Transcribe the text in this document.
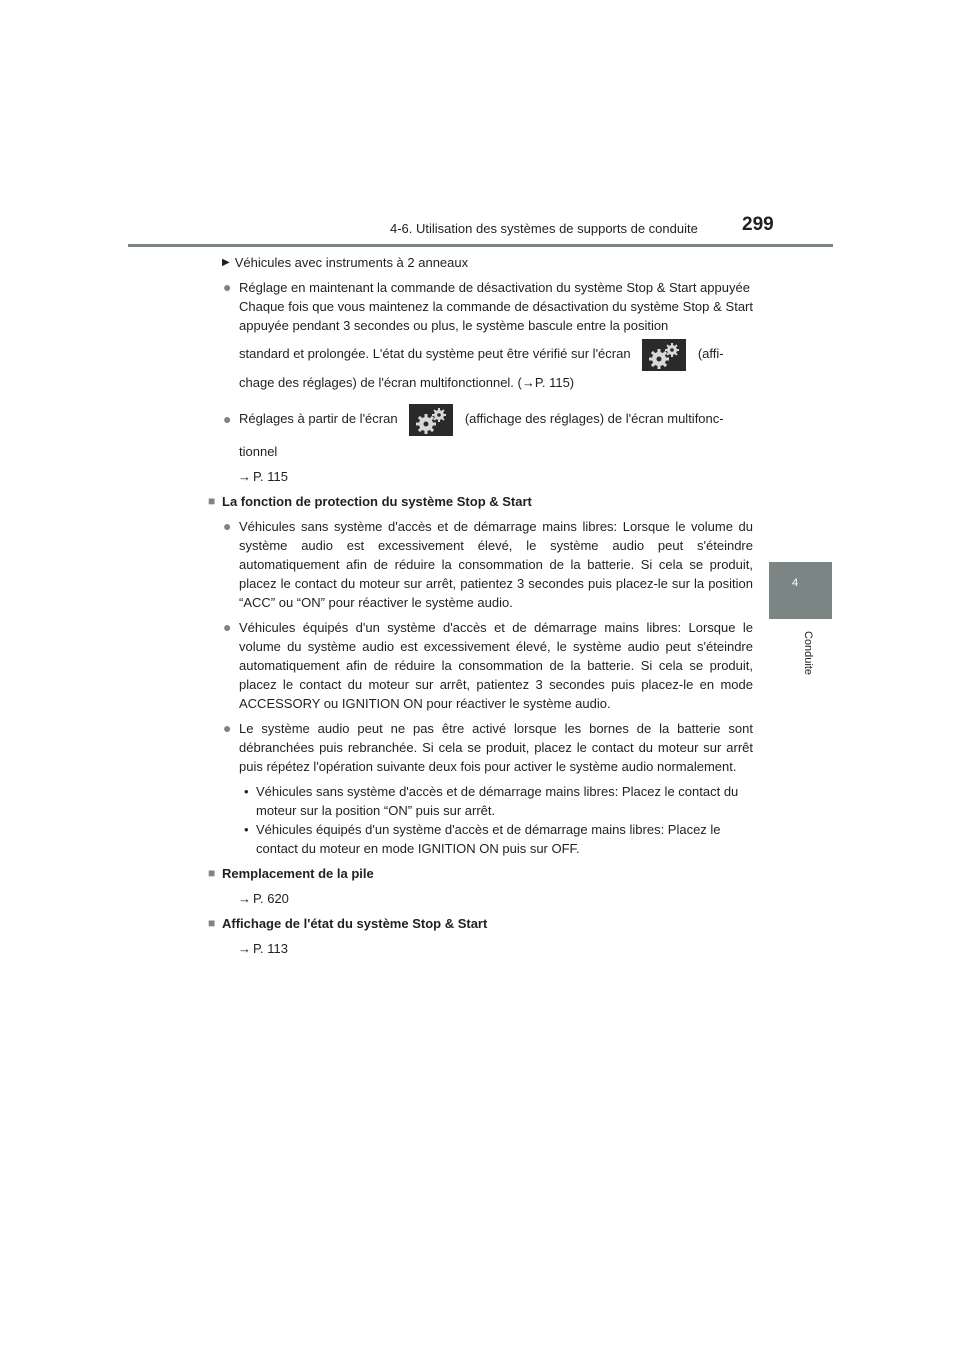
4-6. Utilisation des systèmes de supports de conduite 299
4
Conduite
▶ Véhicules avec instruments à 2 anneaux
● Réglage en maintenant la commande de désactivation du système Stop & Start appuyée

Chaque fois que vous maintenez la commande de désactivation du système Stop & Start appuyée pendant 3 secondes ou plus, le système bascule entre la position

standard et prolongée. L'état du système peut être vérifié sur l'écran	(affi-

chage des réglages) de l'écran multifonctionnel. (→P. 115)

● Réglages à partir de l'écran	(affichage des réglages) de l'écran multifonc-

tionnel

→ P. 115
■ La fonction de protection du système Stop & Start
● Véhicules sans système d'accès et de démarrage mains libres: Lorsque le volume du système audio est excessivement élevé, le système audio peut s'éteindre automatiquement afin de réduire la consommation de la batterie. Si cela se produit, placez le contact du moteur sur arrêt, patientez 3 secondes puis placez-le sur la position “ACC” ou “ON” pour réactiver le système audio.

● Véhicules équipés d'un système d'accès et de démarrage mains libres: Lorsque le volume du système audio est excessivement élevé, le système audio peut s'éteindre automatiquement afin de réduire la consommation de la batterie. Si cela se produit, placez le contact du moteur sur arrêt, patientez 3 secondes puis placez-le en mode ACCESSORY ou IGNITION ON pour réactiver le système audio.

● Le système audio peut ne pas être activé lorsque les bornes de la batterie sont débranchées puis rebranchée. Si cela se produit, placez le contact du moteur sur arrêt puis répétez l'opération suivante deux fois pour activer le système audio normalement.

• Véhicules sans système d'accès et de démarrage mains libres: Placez le contact du moteur sur la position “ON” puis sur arrêt.

• Véhicules équipés d'un système d'accès et de démarrage mains libres: Placez le contact du moteur en mode IGNITION ON puis sur OFF.

■ Remplacement de la pile
→ P. 620
■ Affichage de l'état du système Stop & Start
→ P. 113
